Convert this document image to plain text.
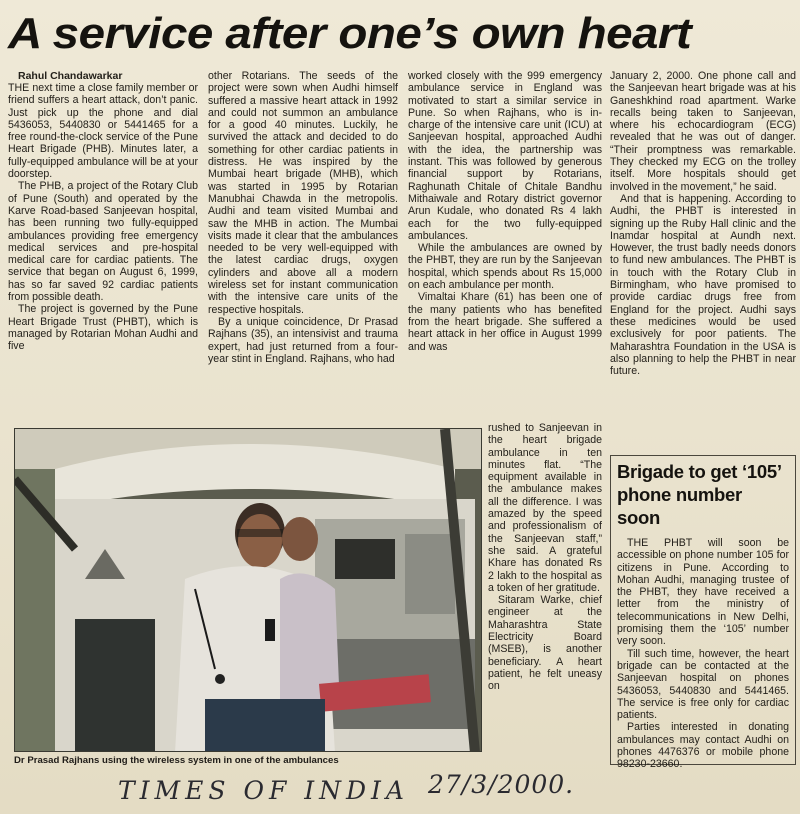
A service after one’s own heart

Rahul Chandawarkar

THE next time a close family member or friend suffers a heart attack, don’t panic. Just pick up the phone and dial 5436053, 5440830 or 5441465 for a free round-the-clock service of the Pune Heart Brigade (PHB). Minutes later, a fully-equipped ambulance will be at your doorstep.

The PHB, a project of the Rotary Club of Pune (South) and operated by the Karve Road-based Sanjeevan hospital, has been running two fully-equipped ambulances providing free emergency medical services and pre-hospital medical care for cardiac patients. The service that began on August 6, 1999, has so far saved 92 cardiac patients from possible death.

The project is governed by the Pune Heart Brigade Trust (PHBT), which is managed by Rotarian Mohan Audhi and five

other Rotarians. The seeds of the project were sown when Audhi himself suffered a massive heart attack in 1992 and could not summon an ambulance for a good 40 minutes. Luckily, he survived the attack and decided to do something for other cardiac patients in distress. He was inspired by the Mumbai heart brigade (MHB), which was started in 1995 by Rotarian Manubhai Chawda in the metropolis. Audhi and team visited Mumbai and saw the MHB in action. The Mumbai visits made it clear that the ambulances needed to be very well-equipped with the latest cardiac drugs, oxygen cylinders and above all a modern wireless set for instant communication with the intensive care units of the respective hospitals.

By a unique coincidence, Dr Prasad Rajhans (35), an intensivist and trauma expert, had just returned from a four-year stint in England. Rajhans, who had

worked closely with the 999 emergency ambulance service in England was motivated to start a similar service in Pune. So when Rajhans, who is in-charge of the intensive care unit (ICU) at Sanjeevan hospital, approached Audhi with the idea, the partnership was instant. This was followed by generous financial support by Rotarians, Raghunath Chitale of Chitale Bandhu Mithaiwale and Rotary district governor Arun Kudale, who donated Rs 4 lakh each for the two fully-equipped ambulances.

While the ambulances are owned by the PHBT, they are run by the Sanjeevan hospital, which spends about Rs 15,000 on each ambulance per month.

Vimaltai Khare (61) has been one of the many patients who has benefited from the heart brigade. She suffered a heart attack in her office in August 1999 and was

rushed to Sanjeevan in the heart brigade ambulance in ten minutes flat. “The equipment available in the ambulance makes all the difference. I was amazed by the speed and professionalism of the Sanjeevan staff,” she said. A grateful Khare has donated Rs 2 lakh to the hospital as a token of her gratitude.

Sitaram Warke, chief engineer at the Maharashtra State Electricity Board (MSEB), is another beneficiary. A heart patient, he felt uneasy on

January 2, 2000. One phone call and the Sanjeevan heart brigade was at his Ganeshkhind road apartment. Warke recalls being taken to Sanjeevan, where his echocardiogram (ECG) revealed that he was out of danger. “Their promptness was remarkable. They checked my ECG on the trolley itself. More hospitals should get involved in the movement,” he said.

And that is happening. According to Audhi, the PHBT is interested in signing up the Ruby Hall clinic and the Inamdar hospital at Aundh next. However, the trust badly needs donors to fund new ambulances. The PHBT is in touch with the Rotary Club in Birmingham, who have promised to provide cardiac drugs free from England for the project. Audhi says these medicines would be used exclusively for poor patients. The Maharashtra Foundation in the USA is also planning to help the PHBT in near future.

Dr Prasad Rajhans using the wireless system in one of the ambulances
Brigade to get ‘105’ phone number soon

THE PHBT will soon be accessible on phone number 105 for citizens in Pune. According to Mohan Audhi, managing trustee of the PHBT, they have received a letter from the ministry of telecommunications in New Delhi, promising them the ‘105’ number very soon.

Till such time, however, the heart brigade can be contacted at the Sanjeevan hospital on phones 5436053, 5440830 and 5441465. The service is free only for cardiac patients.

Parties interested in donating ambulances may contact Audhi on phones 4476376 or mobile phone 98230-23660.

TIMES OF INDIA 27/3/2000.
